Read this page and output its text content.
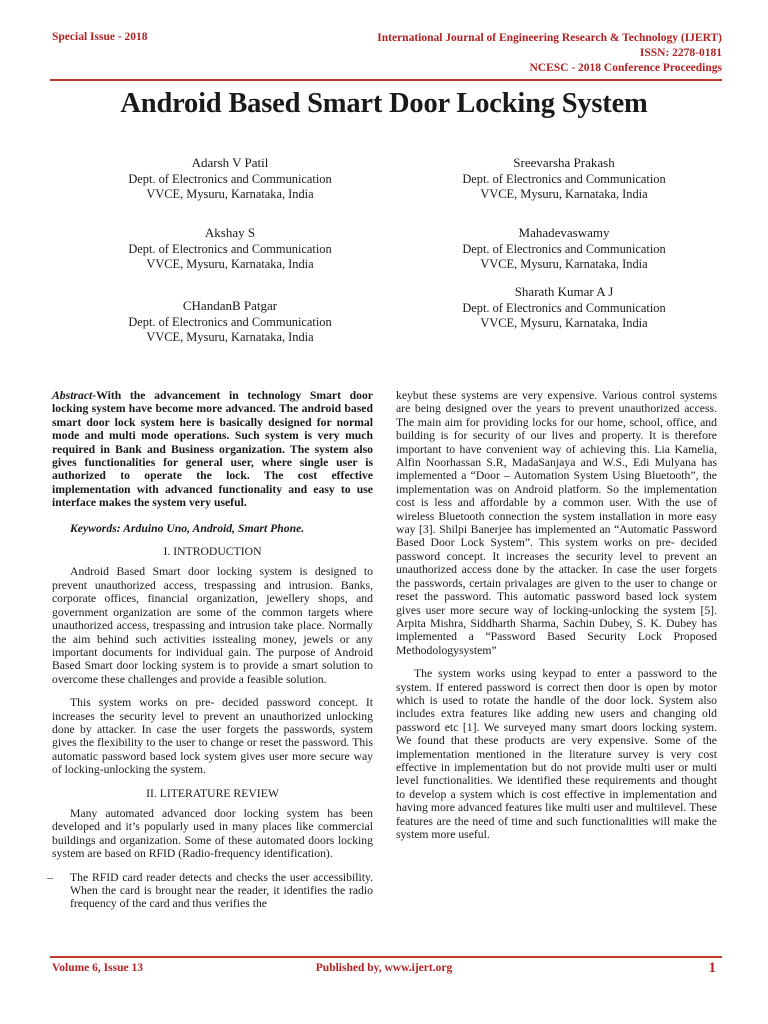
Special Issue - 2018	International Journal of Engineering Research & Technology (IJERT)
ISSN: 2278-0181
NCESC - 2018 Conference Proceedings
Android Based Smart Door Locking System
Adarsh V Patil
Dept. of Electronics and Communication
VVCE, Mysuru, Karnataka, India
Sreevarsha Prakash
Dept. of Electronics and Communication
VVCE, Mysuru, Karnataka, India
Akshay S
Dept. of Electronics and Communication
VVCE, Mysuru, Karnataka, India
Mahadevaswamy
Dept. of Electronics and Communication
VVCE, Mysuru, Karnataka, India
CHandanB Patgar
Dept. of Electronics and Communication
VVCE, Mysuru, Karnataka, India
Sharath Kumar A J
Dept. of Electronics and Communication
VVCE, Mysuru, Karnataka, India

Abstract-With the advancement in technology Smart door locking system have become more advanced. The android based smart door lock system here is basically designed for normal mode and multi mode operations. Such system is very much required in Bank and Business organization. The system also gives functionalities for general user, where single user is authorized to operate the lock. The cost effective implementation with advanced functionality and easy to use interface makes the system very useful.

Keywords: Arduino Uno, Android, Smart Phone.

I. INTRODUCTION

Android Based Smart door locking system is designed to prevent unauthorized access, trespassing and intrusion. Banks, corporate offices, financial organization, jewellery shops, and government organization are some of the common targets where unauthorized access, trespassing and intrusion take place. Normally the aim behind such activities isstealing money, jewels or any important documents for individual gain. The purpose of Android Based Smart door locking system is to provide a smart solution to overcome these challenges and provide a feasible solution.

This system works on pre- decided password concept. It increases the security level to prevent an unauthorized unlocking done by attacker. In case the user forgets the passwords, system gives the flexibility to the user to change or reset the password. This automatic password based lock system gives user more secure way of locking-unlocking the system.

II. LITERATURE REVIEW

Many automated advanced door locking system has been developed and it’s popularly used in many places like commercial buildings and organization. Some of these automated doors locking system are based on RFID (Radio-frequency identification).

– The RFID card reader detects and checks the user accessibility. When the card is brought near the reader, it identifies the radio frequency of the card and thus verifies the

keybut these systems are very expensive. Various control systems are being designed over the years to prevent unauthorized access. The main aim for providing locks for our home, school, office, and building is for security of our lives and property. It is therefore important to have convenient way of achieving this. Lia Kamelia, Alfin Noorhassan S.R, MadaSanjaya and W.S., Edi Mulyana has implemented a “Door – Automation System Using Bluetooth”, the implementation was on Android platform. So the implementation cost is less and affordable by a common user. With the use of wireless Bluetooth connection the system installation in more easy way [3]. Shilpi Banerjee has implemented an “Automatic Password Based Door Lock System”. This system works on pre- decided password concept. It increases the security level to prevent an unauthorized access done by the attacker. In case the user forgets the passwords, certain privalages are given to the user to change or reset the password. This automatic password based lock system gives user more secure way of locking-unlocking the system [5]. Arpita Mishra, Siddharth Sharma, Sachin Dubey, S. K. Dubey has implemented a “Password Based Security Lock Proposed Methodologysystem”

The system works using keypad to enter a password to the system. If entered password is correct then door is open by motor which is used to rotate the handle of the door lock. System also includes extra features like adding new users and changing old password etc [1]. We surveyed many smart doors locking system. We found that these products are very expensive. Some of the implementation mentioned in the literature survey is very cost effective in implementation but do not provide multi user or multi level functionalities. We identified these requirements and thought to develop a system which is cost effective in implementation and having more advanced features like multi user and multilevel. These features are the need of time and such functionalities will make the system more useful.

Volume 6, Issue 13	Published by, www.ijert.org	1
